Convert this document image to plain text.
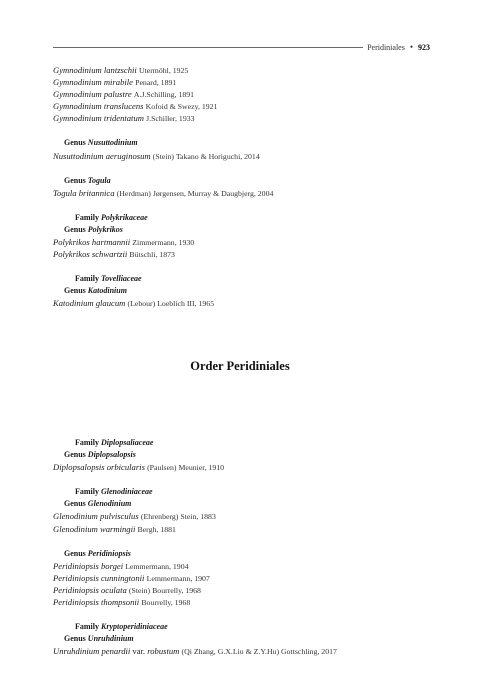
Peridiniales • 923
Gymnodinium lantzschii Utermöhl, 1925
Gymnodinium mirabile Penard, 1891
Gymnodinium palustre A.J.Schilling, 1891
Gymnodinium translucens Kofoid & Swezy, 1921
Gymnodinium tridentatum J.Schiller, 1933
Genus Nusuttodinium
Nusuttodinium aeruginosum (Stein) Takano & Horiguchi, 2014
Genus Togula
Togula britannica (Herdman) Jørgensen, Murray & Daugbjerg, 2004
Family Polykrikaceae
Genus Polykrikos
Polykrikos hartmannii Zimmermann, 1930
Polykrikos schwartzii Bütschli, 1873
Family Tovelliaceae
Genus Katodinium
Katodinium glaucum (Lebour) Loeblich III, 1965
Order Peridiniales
Family Diplopsaliaceae
Genus Diplopsalopsis
Diplopsalopsis orbicularis (Paulsen) Meunier, 1910
Family Glenodiniaceae
Genus Glenodinium
Glenodinium pulvisculus (Ehrenberg) Stein, 1883
Glenodinium warmingii Bergh, 1881
Genus Peridiniopsis
Peridiniopsis borgei Lemmermann, 1904
Peridiniopsis cunningtonii Lemmermann, 1907
Peridiniopsis oculata (Stein) Bourrelly, 1968
Peridiniopsis thompsonii Bourrelly, 1968
Family Kryptoperidiniaceae
Genus Unruhdinium
Unruhdinium penardii var. robustum (Qi Zhang, G.X.Liu & Z.Y.Hu) Gottschling, 2017
